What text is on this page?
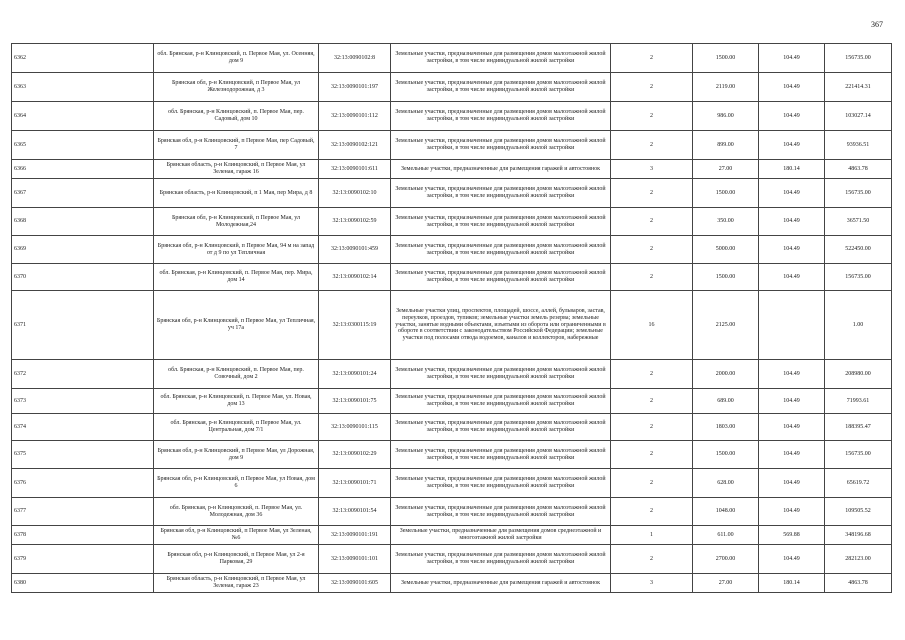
367
6362	обл. Брянская, р-н Клинцовский, п. Первое Мая, ул. Осенняя, дом 9	32:13:0090102:8	Земельные участки, предназначенные для размещения домов малоэтажной жилой застройки, в том числе индивидуальной жилой застройки	2	1500.00	104.49	156735.00
6363	Брянская обл, р-н Клинцовский, п Первое Мая, ул Железнодорожная, д 3	32:13:0090101:197	Земельные участки, предназначенные для размещения домов малоэтажной жилой застройки, в том числе индивидуальной жилой застройки	2	2119.00	104.49	221414.31
6364	обл. Брянская, р-н Клинцовский, п. Первое Мая, пер. Садовый, дом 10	32:13:0090101:112	Земельные участки, предназначенные для размещения домов малоэтажной жилой застройки, в том числе индивидуальной жилой застройки	2	986.00	104.49	103027.14
6365	Брянская обл, р-н Клинцовский, п Первое Мая, пер Садовый, 7	32:13:0090102:121	Земельные участки, предназначенные для размещения домов малоэтажной жилой застройки, в том числе индивидуальной жилой застройки	2	899.00	104.49	93936.51
6366	Брянская область, р-н Клинцовский, п Первое Мая, ул Зеленая, гараж 16	32:13:0090101:611	Земельные участки, предназначенные для размещения гаражей и автостоянок	3	27.00	180.14	4863.78
6367	Брянская область, р-н Клинцовский, п 1 Мая, пер Мира, д 8	32:13:0090102:10	Земельные участки, предназначенные для размещения домов малоэтажной жилой застройки, в том числе индивидуальной жилой застройки	2	1500.00	104.49	156735.00
6368	Брянская обл, р-н Клинцовский, п Первое Мая, ул Молодежная,24	32:13:0090102:59	Земельные участки, предназначенные для размещения домов малоэтажной жилой застройки, в том числе индивидуальной жилой застройки	2	350.00	104.49	36571.50
6369	Брянская обл, р-н Клинцовский, п Первое Мая, 94 м на запад от д 9 по ул Тепличная	32:13:0090101:459	Земельные участки, предназначенные для размещения домов малоэтажной жилой застройки, в том числе индивидуальной жилой застройки	2	5000.00	104.49	522450.00
6370	обл. Брянская, р-н Клинцовский, п. Первое Мая, пер. Мира, дом 14	32:13:0090102:14	Земельные участки, предназначенные для размещения домов малоэтажной жилой застройки, в том числе индивидуальной жилой застройки	2	1500.00	104.49	156735.00
6371	Брянская обл, р-н Клинцовский, п Первое Мая, ул Тепличная, уч 17а	32:13:0300115:19	Земельные участки улиц, проспектов, площадей, шоссе, аллей, бульваров, застав, переулков, проездов, тупиков; земельные участки земель резерва; земельные участки, занятые водными объектами, изъятыми из оборота или ограниченными в обороте в соответствии с законодательством Российской Федерации; земельные участки под полосами отвода водоемов, каналов и коллекторов, набережные	16	2125.00		1.00
6372	обл. Брянская, р-н Клинцовский, п. Первое Мая, пер. Совочный, дом 2	32:13:0090101:24	Земельные участки, предназначенные для размещения домов малоэтажной жилой застройки, в том числе индивидуальной жилой застройки	2	2000.00	104.49	208980.00
6373	обл. Брянская, р-н Клинцовский, п. Первое Мая, ул. Новая, дом 13	32:13:0090101:75	Земельные участки, предназначенные для размещения домов малоэтажной жилой застройки, в том числе индивидуальной жилой застройки	2	689.00	104.49	71993.61
6374	обл. Брянская, р-н Клинцовский, п Первое Мая, ул. Центральная, дом 7/1	32:13:0090101:115	Земельные участки, предназначенные для размещения домов малоэтажной жилой застройки, в том числе индивидуальной жилой застройки	2	1803.00	104.49	188395.47
6375	Брянская обл, р-н Клинцовский, п Первое Мая, ул Дорожная, дом 9	32:13:0090102:29	Земельные участки, предназначенные для размещения домов малоэтажной жилой застройки, в том числе индивидуальной жилой застройки	2	1500.00	104.49	156735.00
6376	Брянская обл, р-н Клинцовский, п Первое Мая, ул Новая, дом 6	32:13:0090101:71	Земельные участки, предназначенные для размещения домов малоэтажной жилой застройки, в том числе индивидуальной жилой застройки	2	628.00	104.49	65619.72
6377	обл. Брянская, р-н Клинцовский, п. Первое Мая, ул. Молодежная, дом 36	32:13:0090101:54	Земельные участки, предназначенные для размещения домов малоэтажной жилой застройки, в том числе индивидуальной жилой застройки	2	1048.00	104.49	109505.52
6378	Брянская обл, р-н Клинцовский, п Первое Мая, ул Зеленая, №6	32:13:0090101:191	Земельные участки, предназначенные для размещения домов среднеэтажной и многоэтажной жилой застройки	1	611.00	569.88	348196.68
6379	Брянская обл, р-н Клинцовский, п Первое Мая, ул 2-я Парковая, 29	32:13:0090101:101	Земельные участки, предназначенные для размещения домов малоэтажной жилой застройки, в том числе индивидуальной жилой застройки	2	2700.00	104.49	282123.00
6380	Брянская область, р-н Клинцовский, п Первое Мая, ул Зеленая, гараж 23	32:13:0090101:605	Земельные участки, предназначенные для размещения гаражей и автостоянок	3	27.00	180.14	4863.78
